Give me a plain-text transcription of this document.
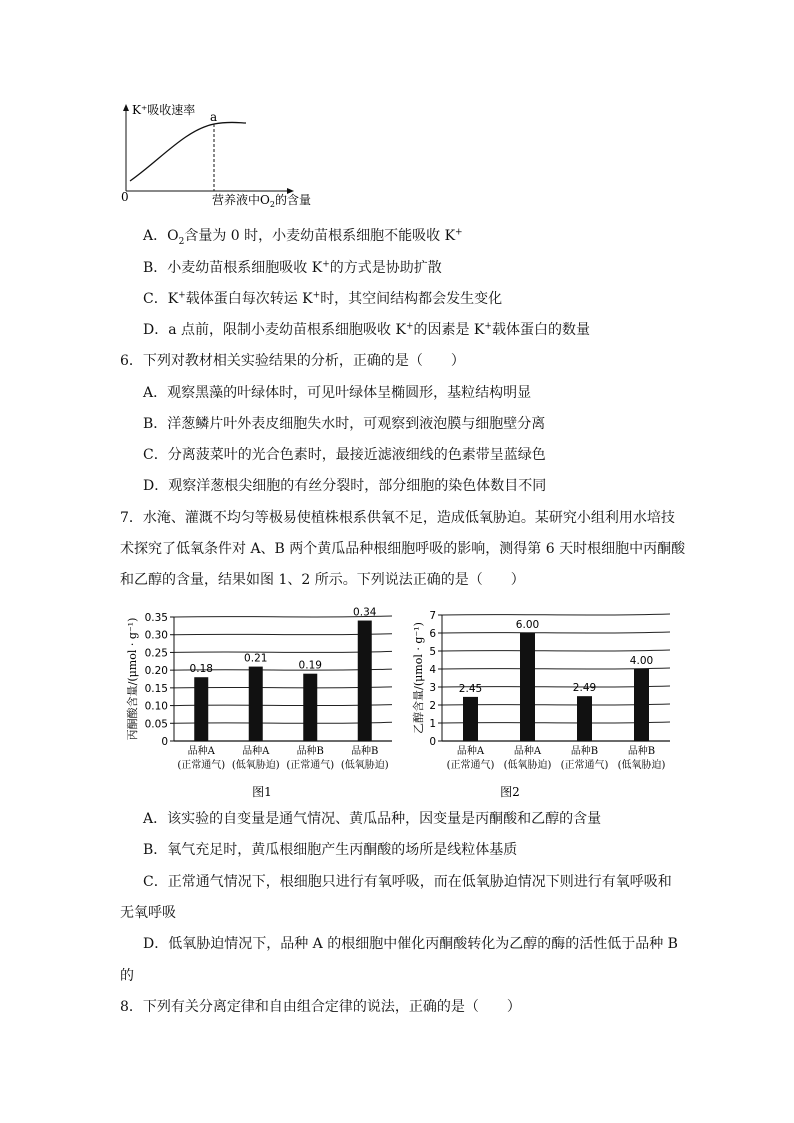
K⁺吸收速率
0
a
营养液中$O_2$的含量
A．$O_2$含量为 0 时，小麦幼苗根系细胞不能吸收 K+
B．小麦幼苗根系细胞吸收 K+的方式是协助扩散
C．K+载体蛋白每次转运 K+时，其空间结构都会发生变化
D．a 点前，限制小麦幼苗根系细胞吸收 K+的因素是 K+载体蛋白的数量
6．下列对教材相关实验结果的分析，正确的是（　　）
A．观察黑藻的叶绿体时，可见叶绿体呈椭圆形，基粒结构明显
B．洋葱鳞片叶外表皮细胞失水时，可观察到液泡膜与细胞壁分离
C．分离菠菜叶的光合色素时，最接近滤液细线的色素带呈蓝绿色
D．观察洋葱根尖细胞的有丝分裂时，部分细胞的染色体数目不同
7．水淹、灌溉不均匀等极易使植株根系供氧不足，造成低氧胁迫。某研究小组利用水培技
术探究了低氧条件对 A、B 两个黄瓜品种根细胞呼吸的影响，测得第 6 天时根细胞中丙酮酸
和乙醇的含量，结果如图 1、2 所示。下列说法正确的是（　　）
0
0.05
0.10
0.15
0.20
0.25
0.30
0.35
丙酮酸含量/(μmol · g⁻¹)	0.18
品种A
(正常通气)
0.21
品种A
(低氧胁迫)
0.19
品种B
(正常通气)
0.34
品种B
(低氧胁迫)
图1
0
1
2
3
4
5
6
7
乙醇含量/(μmol · g⁻¹)	2.45
品种A
(正常通气)
6.00
品种A
(低氧胁迫)
2.49
品种B
(正常通气)
4.00
品种B
(低氧胁迫)
图2
A．该实验的自变量是通气情况、黄瓜品种，因变量是丙酮酸和乙醇的含量
B．氧气充足时，黄瓜根细胞产生丙酮酸的场所是线粒体基质
C．正常通气情况下，根细胞只进行有氧呼吸，而在低氧胁迫情况下则进行有氧呼吸和
无氧呼吸
D．低氧胁迫情况下，品种 A 的根细胞中催化丙酮酸转化为乙醇的酶的活性低于品种 B
的
8．下列有关分离定律和自由组合定律的说法，正确的是（　　）
